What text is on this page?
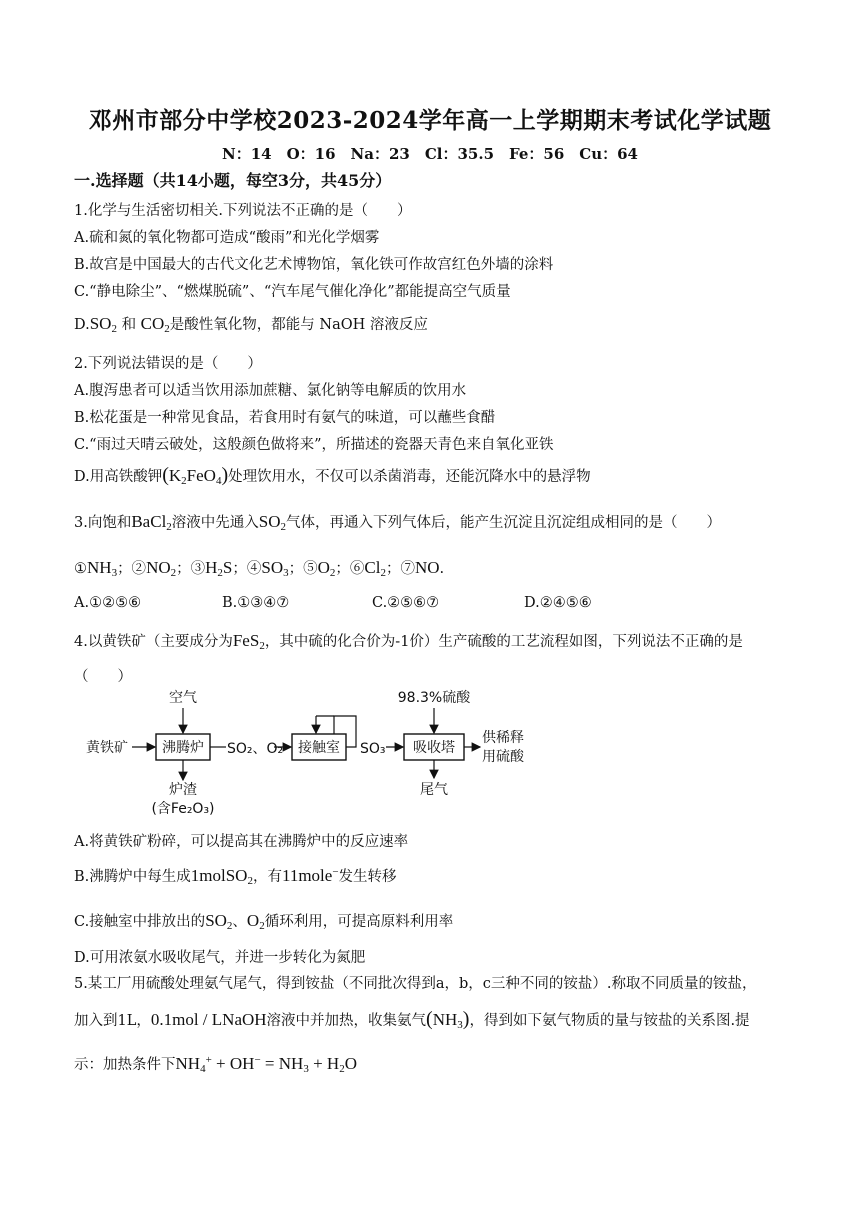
邓州市部分中学校2023-2024学年高一上学期期末考试化学试题
N：14　O：16　Na：23　Cl：35.5　Fe：56　Cu：64
一.选择题（共14小题，每空3分，共45分）
1.化学与生活密切相关.下列说法不正确的是（　　）
A.硫和氮的氧化物都可造成“酸雨”和光化学烟雾
B.故宫是中国最大的古代文化艺术博物馆，氧化铁可作故宫红色外墙的涂料
C.“静电除尘”、“燃煤脱硫”、“汽车尾气催化净化”都能提高空气质量
$D.SO_2$ 和 $CO_2$是酸性氧化物，都能与 NaOH 溶液反应
2.下列说法错误的是（　　）
A.腹泻患者可以适当饮用添加蔗糖、氯化钠等电解质的饮用水
B.松花蛋是一种常见食品，若食用时有氨气的味道，可以蘸些食醋
C.“雨过天晴云破处，这般颜色做将来”，所描述的瓷器天青色来自氧化亚铁
D.用高铁酸钾$(K_2FeO_4)$处理饮用水，不仅可以杀菌消毒，还能沉降水中的悬浮物
3.向饱和BaCl$_2$溶液中先通入$SO_2$气体，再通入下列气体后，能产生沉淀且沉淀组成相同的是（　　）
$①NH_3$；$②NO_2$；$③H_2S$；$④SO_3$；$⑤O_2$；$⑥Cl_2$；⑦NO.
A.①②⑤⑥	B.①③④⑦	C.②⑤⑥⑦	D.②④⑤⑥
4.以黄铁矿（主要成分为FeS$_2$，其中硫的化合价为-1价）生产硫酸的工艺流程如图，下列说法不正确的是
（　　）
沸腾炉	接触室	吸收塔
空气
黄铁矿	SO₂、O₂	SO₃
98.3%硫酸
供稀释
用硫酸
炉渣
(含Fe₂O₃)
尾气
A.将黄铁矿粉碎，可以提高其在沸腾炉中的反应速率
B.沸腾炉中每生成1molSO$_2$，有11mole−发生转移
C.接触室中排放出的$SO_2$、$O_2$循环利用，可提高原料利用率
D.可用浓氨水吸收尾气，并进一步转化为氮肥
5.某工厂用硫酸处理氨气尾气，得到铵盐（不同批次得到a，b，c三种不同的铵盐）.称取不同质量的铵盐，
加入到1L，0.1mol / LNaOH溶液中并加热，收集氨气$(NH_3)$，得到如下氨气物质的量与铵盐的关系图.提
示：加热条件下$NH_4^+ + OH^- = NH_3 + H_2O$
